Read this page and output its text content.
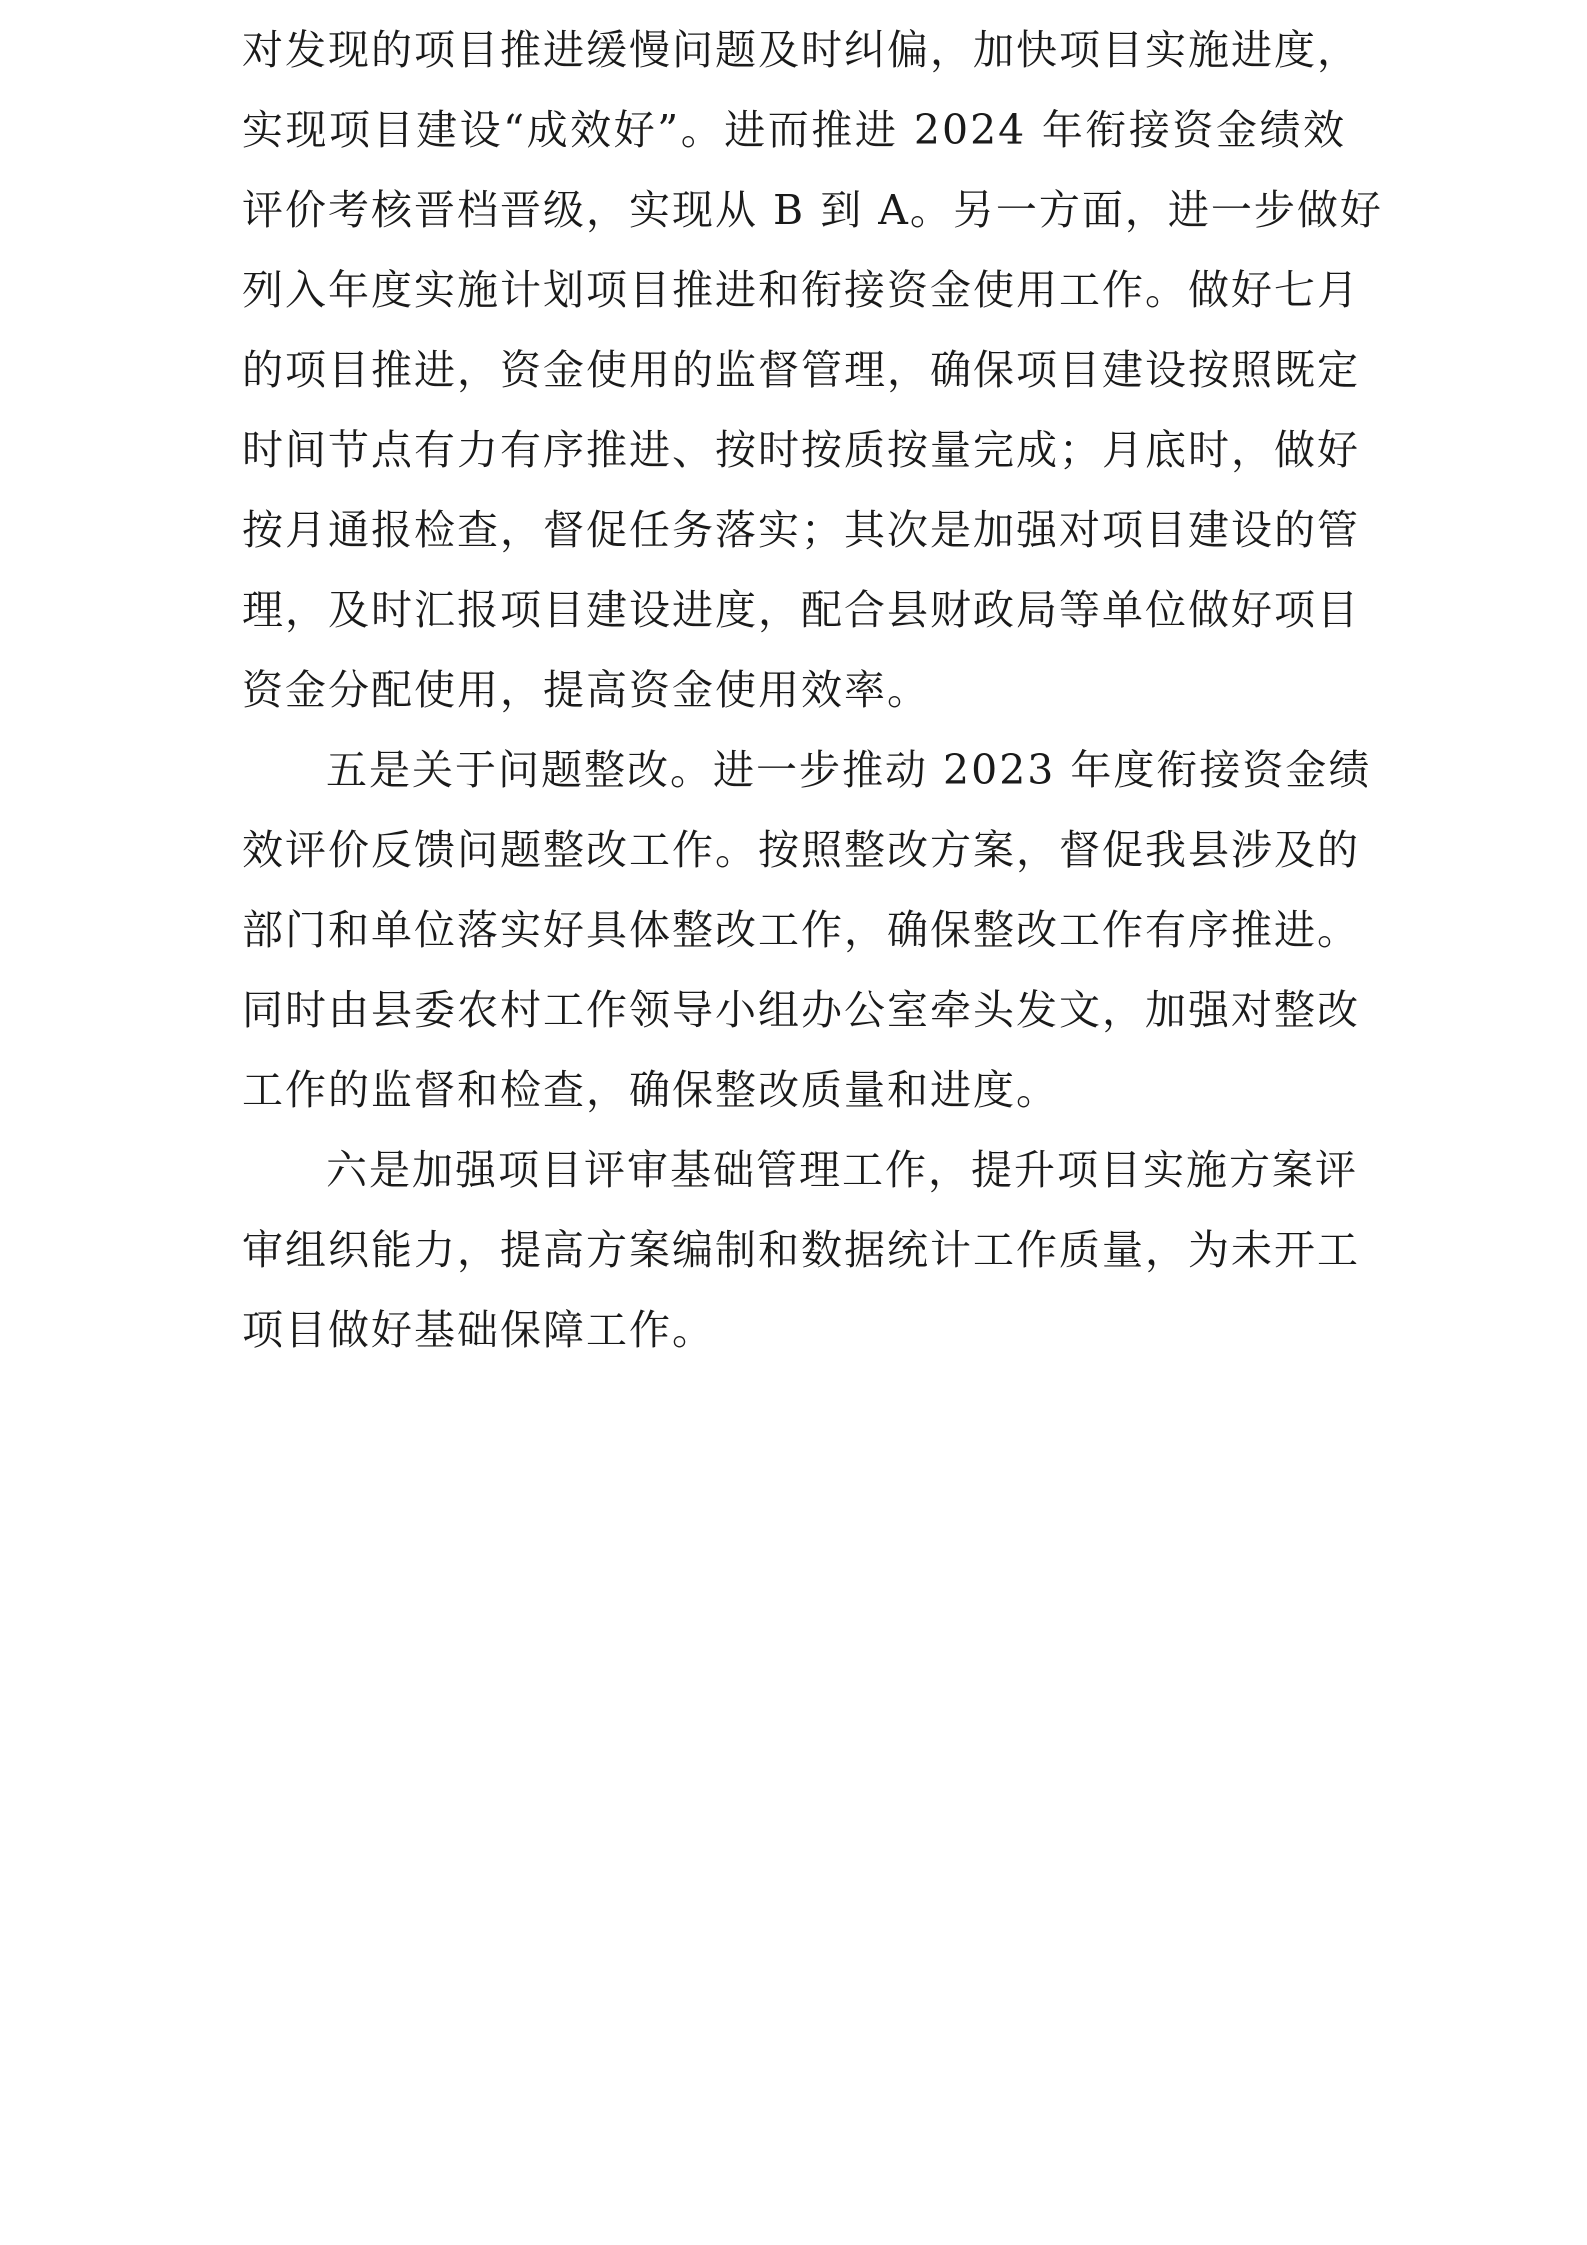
对发现的项目推进缓慢问题及时纠偏，加快项目实施进度，
实现项目建设“成效好”。进而推进 2024 年衔接资金绩效
评价考核晋档晋级，实现从 B 到 A。另一方面，进一步做好
列入年度实施计划项目推进和衔接资金使用工作。做好七月
的项目推进，资金使用的监督管理，确保项目建设按照既定
时间节点有力有序推进、按时按质按量完成；月底时，做好
按月通报检查，督促任务落实；其次是加强对项目建设的管
理，及时汇报项目建设进度，配合县财政局等单位做好项目
资金分配使用，提高资金使用效率。

五是关于问题整改。进一步推动 2023 年度衔接资金绩
效评价反馈问题整改工作。按照整改方案，督促我县涉及的
部门和单位落实好具体整改工作，确保整改工作有序推进。
同时由县委农村工作领导小组办公室牵头发文，加强对整改
工作的监督和检查，确保整改质量和进度。

六是加强项目评审基础管理工作，提升项目实施方案评
审组织能力，提高方案编制和数据统计工作质量，为未开工
项目做好基础保障工作。
